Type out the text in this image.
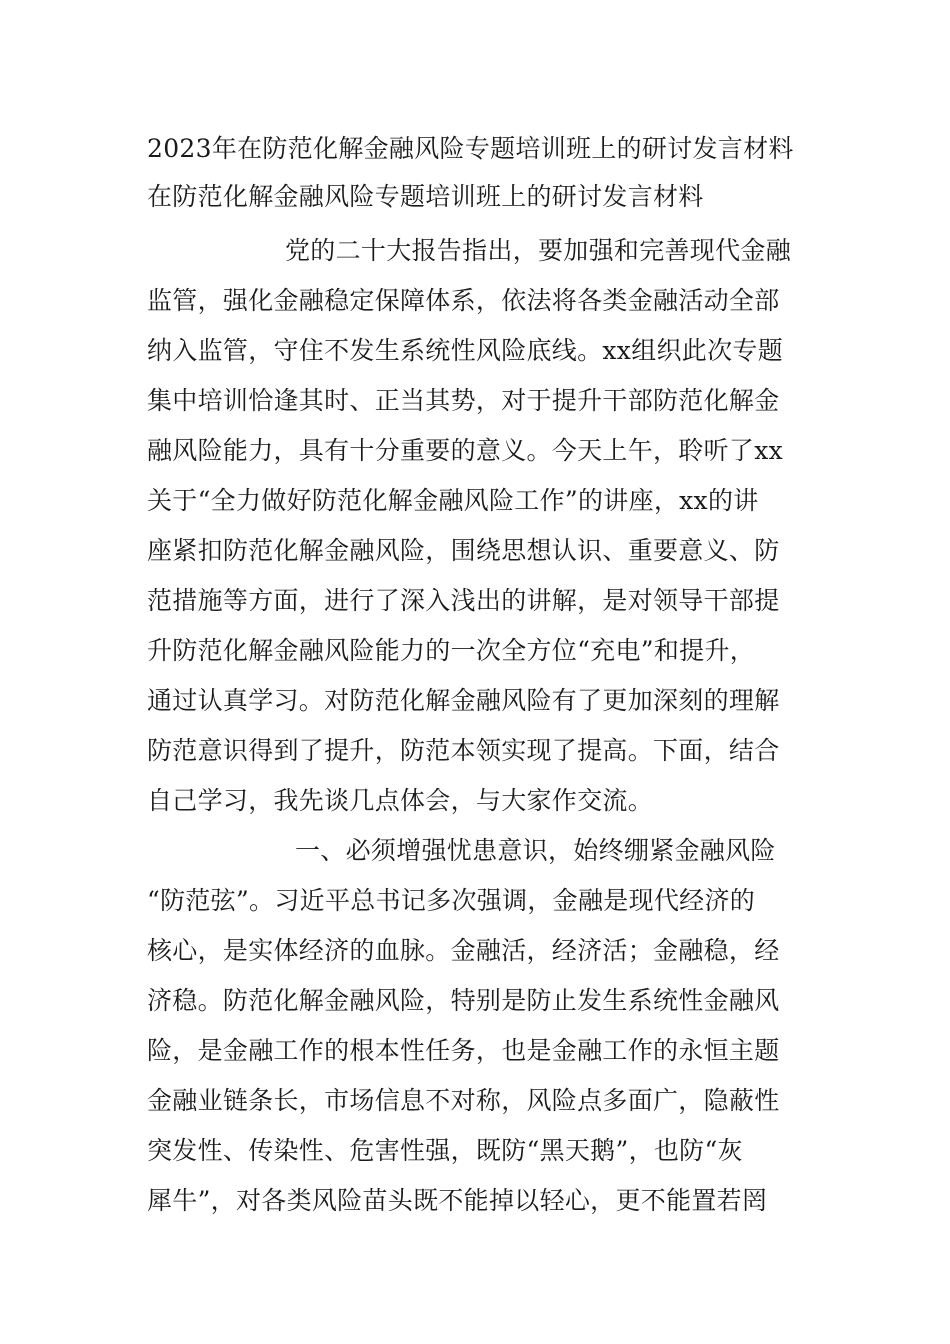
2023年在防范化解金融风险专题培训班上的研讨发言材料
在防范化解金融风险专题培训班上的研讨发言材料
党的二十大报告指出，要加强和完善现代金融
监管，强化金融稳定保障体系，依法将各类金融活动全部
纳入监管，守住不发生系统性风险底线。xx组织此次专题
集中培训恰逢其时、正当其势，对于提升干部防范化解金
融风险能力，具有十分重要的意义。今天上午，聆听了xx
关于“全力做好防范化解金融风险工作”的讲座，xx的讲
座紧扣防范化解金融风险，围绕思想认识、重要意义、防
范措施等方面，进行了深入浅出的讲解，是对领导干部提
升防范化解金融风险能力的一次全方位“充电”和提升，
通过认真学习。对防范化解金融风险有了更加深刻的理解
防范意识得到了提升，防范本领实现了提高。下面，结合
自己学习，我先谈几点体会，与大家作交流。
一、必须增强忧患意识，始终绷紧金融风险
“防范弦”。习近平总书记多次强调，金融是现代经济的
核心，是实体经济的血脉。金融活，经济活；金融稳，经
济稳。防范化解金融风险，特别是防止发生系统性金融风
险，是金融工作的根本性任务，也是金融工作的永恒主题
金融业链条长，市场信息不对称，风险点多面广，隐蔽性
突发性、传染性、危害性强，既防“黑天鹅”，也防“灰
犀牛”，对各类风险苗头既不能掉以轻心，更不能置若罔
